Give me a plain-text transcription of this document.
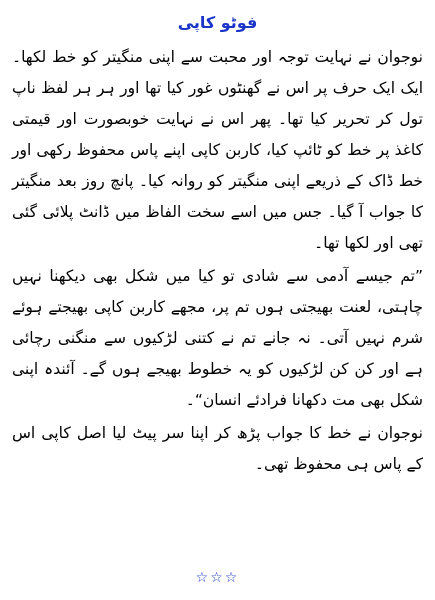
فوٹو کاپی

نوجوان نے نہایت توجہ اور محبت سے اپنی منگیتر کو خط لکھا۔ ایک ایک حرف پر اس نے گھنٹوں غور کیا تھا اور ہر ہر لفظ ناپ تول کر تحریر کیا تھا۔ پھر اس نے نہایت خوبصورت اور قیمتی کاغذ پر خط کو ٹائپ کیا، کاربن کاپی اپنے پاس محفوظ رکھی اور خط ڈاک کے ذریعے اپنی منگیتر کو روانہ کیا۔ پانچ روز بعد منگیتر کا جواب آ گیا۔ جس میں اسے سخت الفاظ میں ڈانٹ پلائی گئی تھی اور لکھا تھا۔

”تم جیسے آدمی سے شادی تو کیا میں شکل بھی دیکھنا نہیں چاہتی، لعنت بھیجتی ہوں تم پر، مجھے کاربن کاپی بھیجتے ہوئے شرم نہیں آتی۔ نہ جانے تم نے کتنی لڑکیوں سے منگنی رچائی ہے اور کن کن لڑکیوں کو یہ خطوط بھیجے ہوں گے۔ آئندہ اپنی شکل بھی مت دکھانا فرادئے انسان“۔

نوجوان نے خط کا جواب پڑھ کر اپنا سر پیٹ لیا اصل کاپی اس کے پاس ہی محفوظ تھی۔

☆☆☆
